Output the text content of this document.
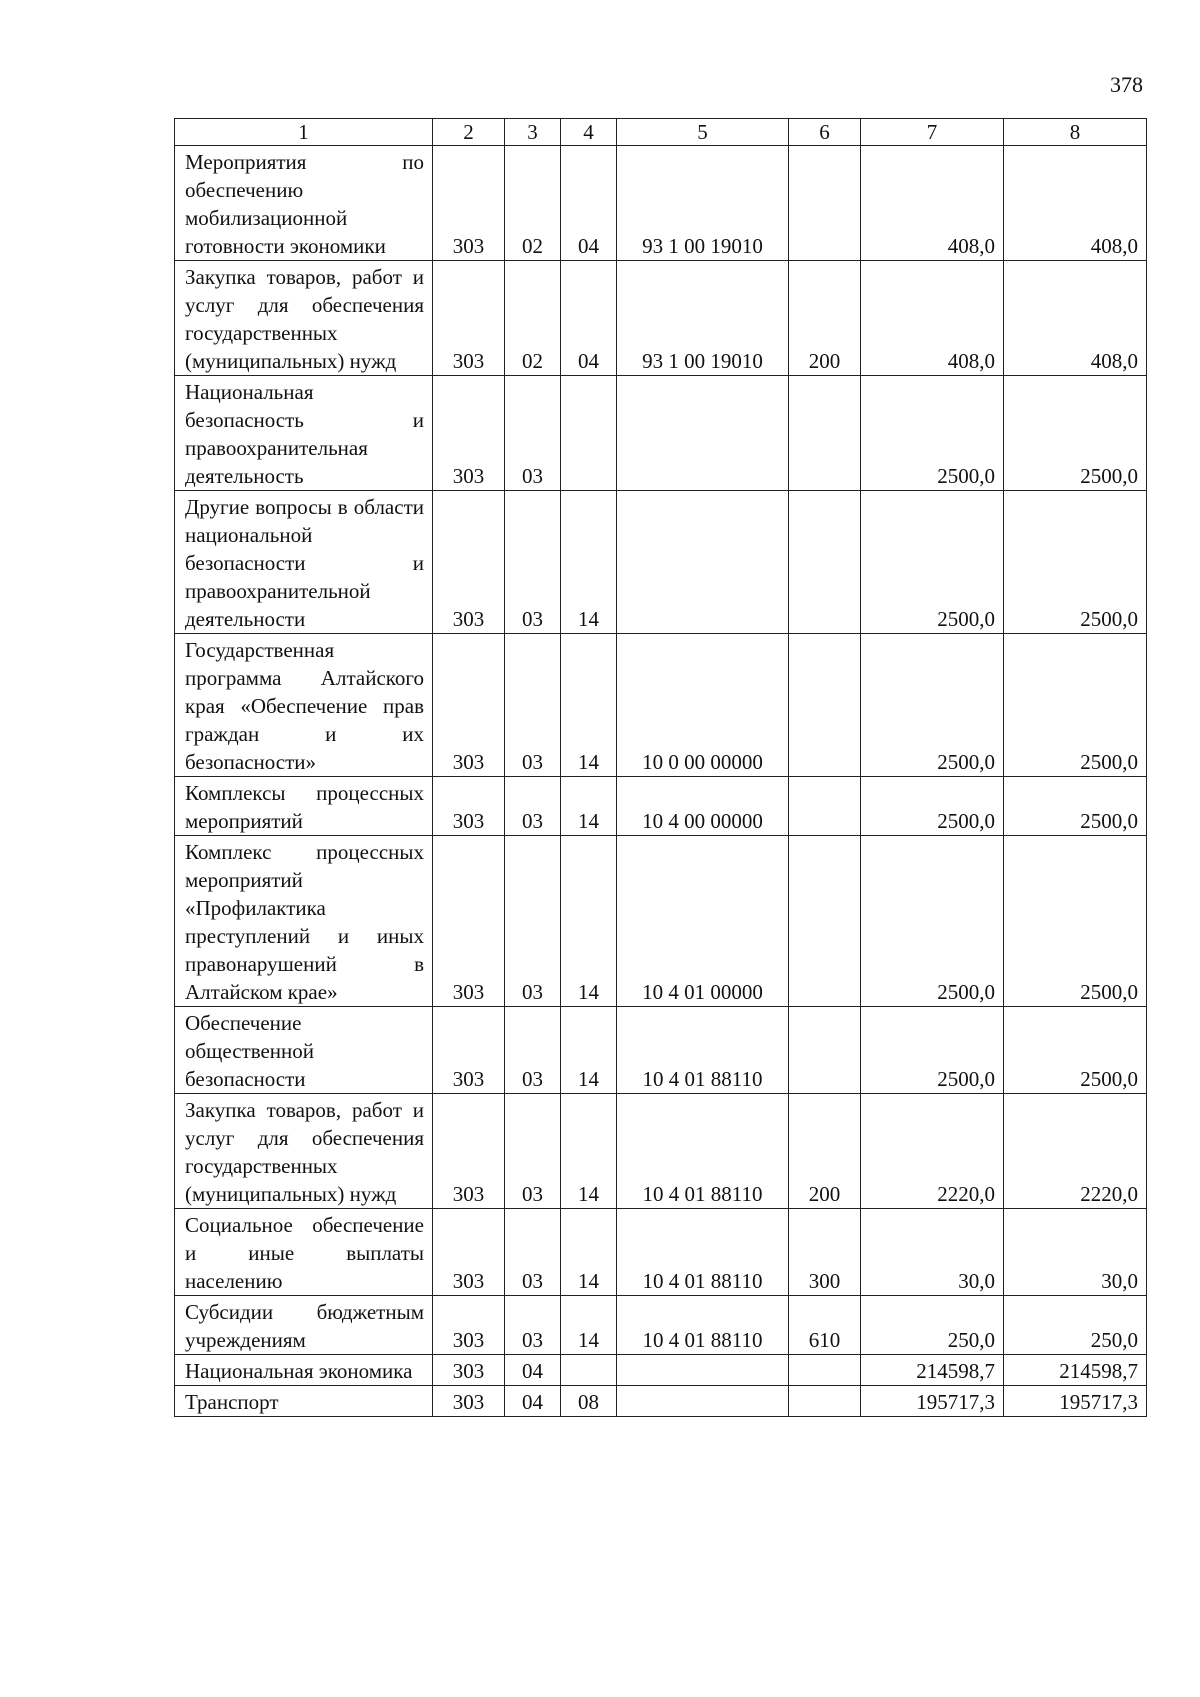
378
1	2	3	4	5	6	7	8
Мероприятия по обеспечению мобилизационной готовности экономики	303	02	04	93 1 00 19010		408,0	408,0
Закупка товаров, работ и услуг для обеспечения государственных (муниципальных) нужд	303	02	04	93 1 00 19010	200	408,0	408,0
Национальная безопасность и правоохранительная деятельность	303	03				2500,0	2500,0
Другие вопросы в области национальной безопасности и правоохранительной деятельности	303	03	14			2500,0	2500,0
Государственная программа Алтайского края «Обеспечение прав граждан и их безопасности»	303	03	14	10 0 00 00000		2500,0	2500,0
Комплексы процессных мероприятий	303	03	14	10 4 00 00000		2500,0	2500,0
Комплекс процессных мероприятий «Профилактика преступлений и иных правонарушений в Алтайском крае»	303	03	14	10 4 01 00000		2500,0	2500,0
Обеспечение общественной безопасности	303	03	14	10 4 01 88110		2500,0	2500,0
Закупка товаров, работ и услуг для обеспечения государственных (муниципальных) нужд	303	03	14	10 4 01 88110	200	2220,0	2220,0
Социальное обеспечение и иные выплаты населению	303	03	14	10 4 01 88110	300	30,0	30,0
Субсидии бюджетным учреждениям	303	03	14	10 4 01 88110	610	250,0	250,0
Национальная экономика	303	04				214598,7	214598,7
Транспорт	303	04	08			195717,3	195717,3
